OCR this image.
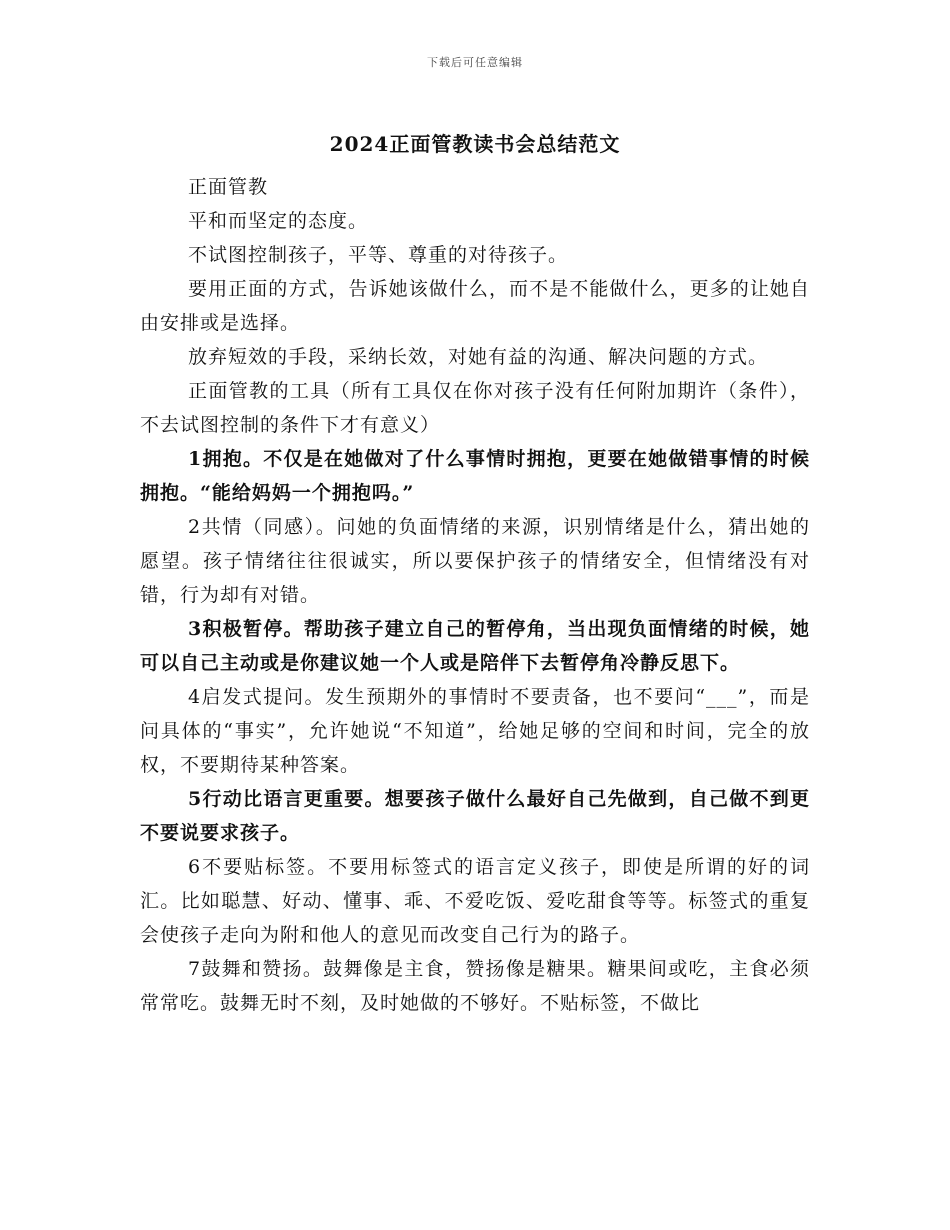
下载后可任意编辑
2024正面管教读书会总结范文

正面管教

平和而坚定的态度。

不试图控制孩子，平等、尊重的对待孩子。

要用正面的方式，告诉她该做什么，而不是不能做什么，更多的让她自由安排或是选择。

放弃短效的手段，采纳长效，对她有益的沟通、解决问题的方式。

正面管教的工具（所有工具仅在你对孩子没有任何附加期许（条件），不去试图控制的条件下才有意义）

1拥抱。不仅是在她做对了什么事情时拥抱，更要在她做错事情的时候拥抱。“能给妈妈一个拥抱吗。”

2共情（同感）。问她的负面情绪的来源，识别情绪是什么，猜出她的愿望。孩子情绪往往很诚实，所以要保护孩子的情绪安全，但情绪没有对错，行为却有对错。

3积极暂停。帮助孩子建立自己的暂停角，当出现负面情绪的时候，她可以自己主动或是你建议她一个人或是陪伴下去暂停角冷静反思下。

4启发式提问。发生预期外的事情时不要责备，也不要问“___”，而是问具体的“事实”，允许她说“不知道”，给她足够的空间和时间，完全的放权，不要期待某种答案。

5行动比语言更重要。想要孩子做什么最好自己先做到，自己做不到更不要说要求孩子。

6不要贴标签。不要用标签式的语言定义孩子，即使是所谓的好的词汇。比如聪慧、好动、懂事、乖、不爱吃饭、爱吃甜食等等。标签式的重复会使孩子走向为附和他人的意见而改变自己行为的路子。

7鼓舞和赞扬。鼓舞像是主食，赞扬像是糖果。糖果间或吃，主食必须常常吃。鼓舞无时不刻，及时她做的不够好。不贴标签，不做比
